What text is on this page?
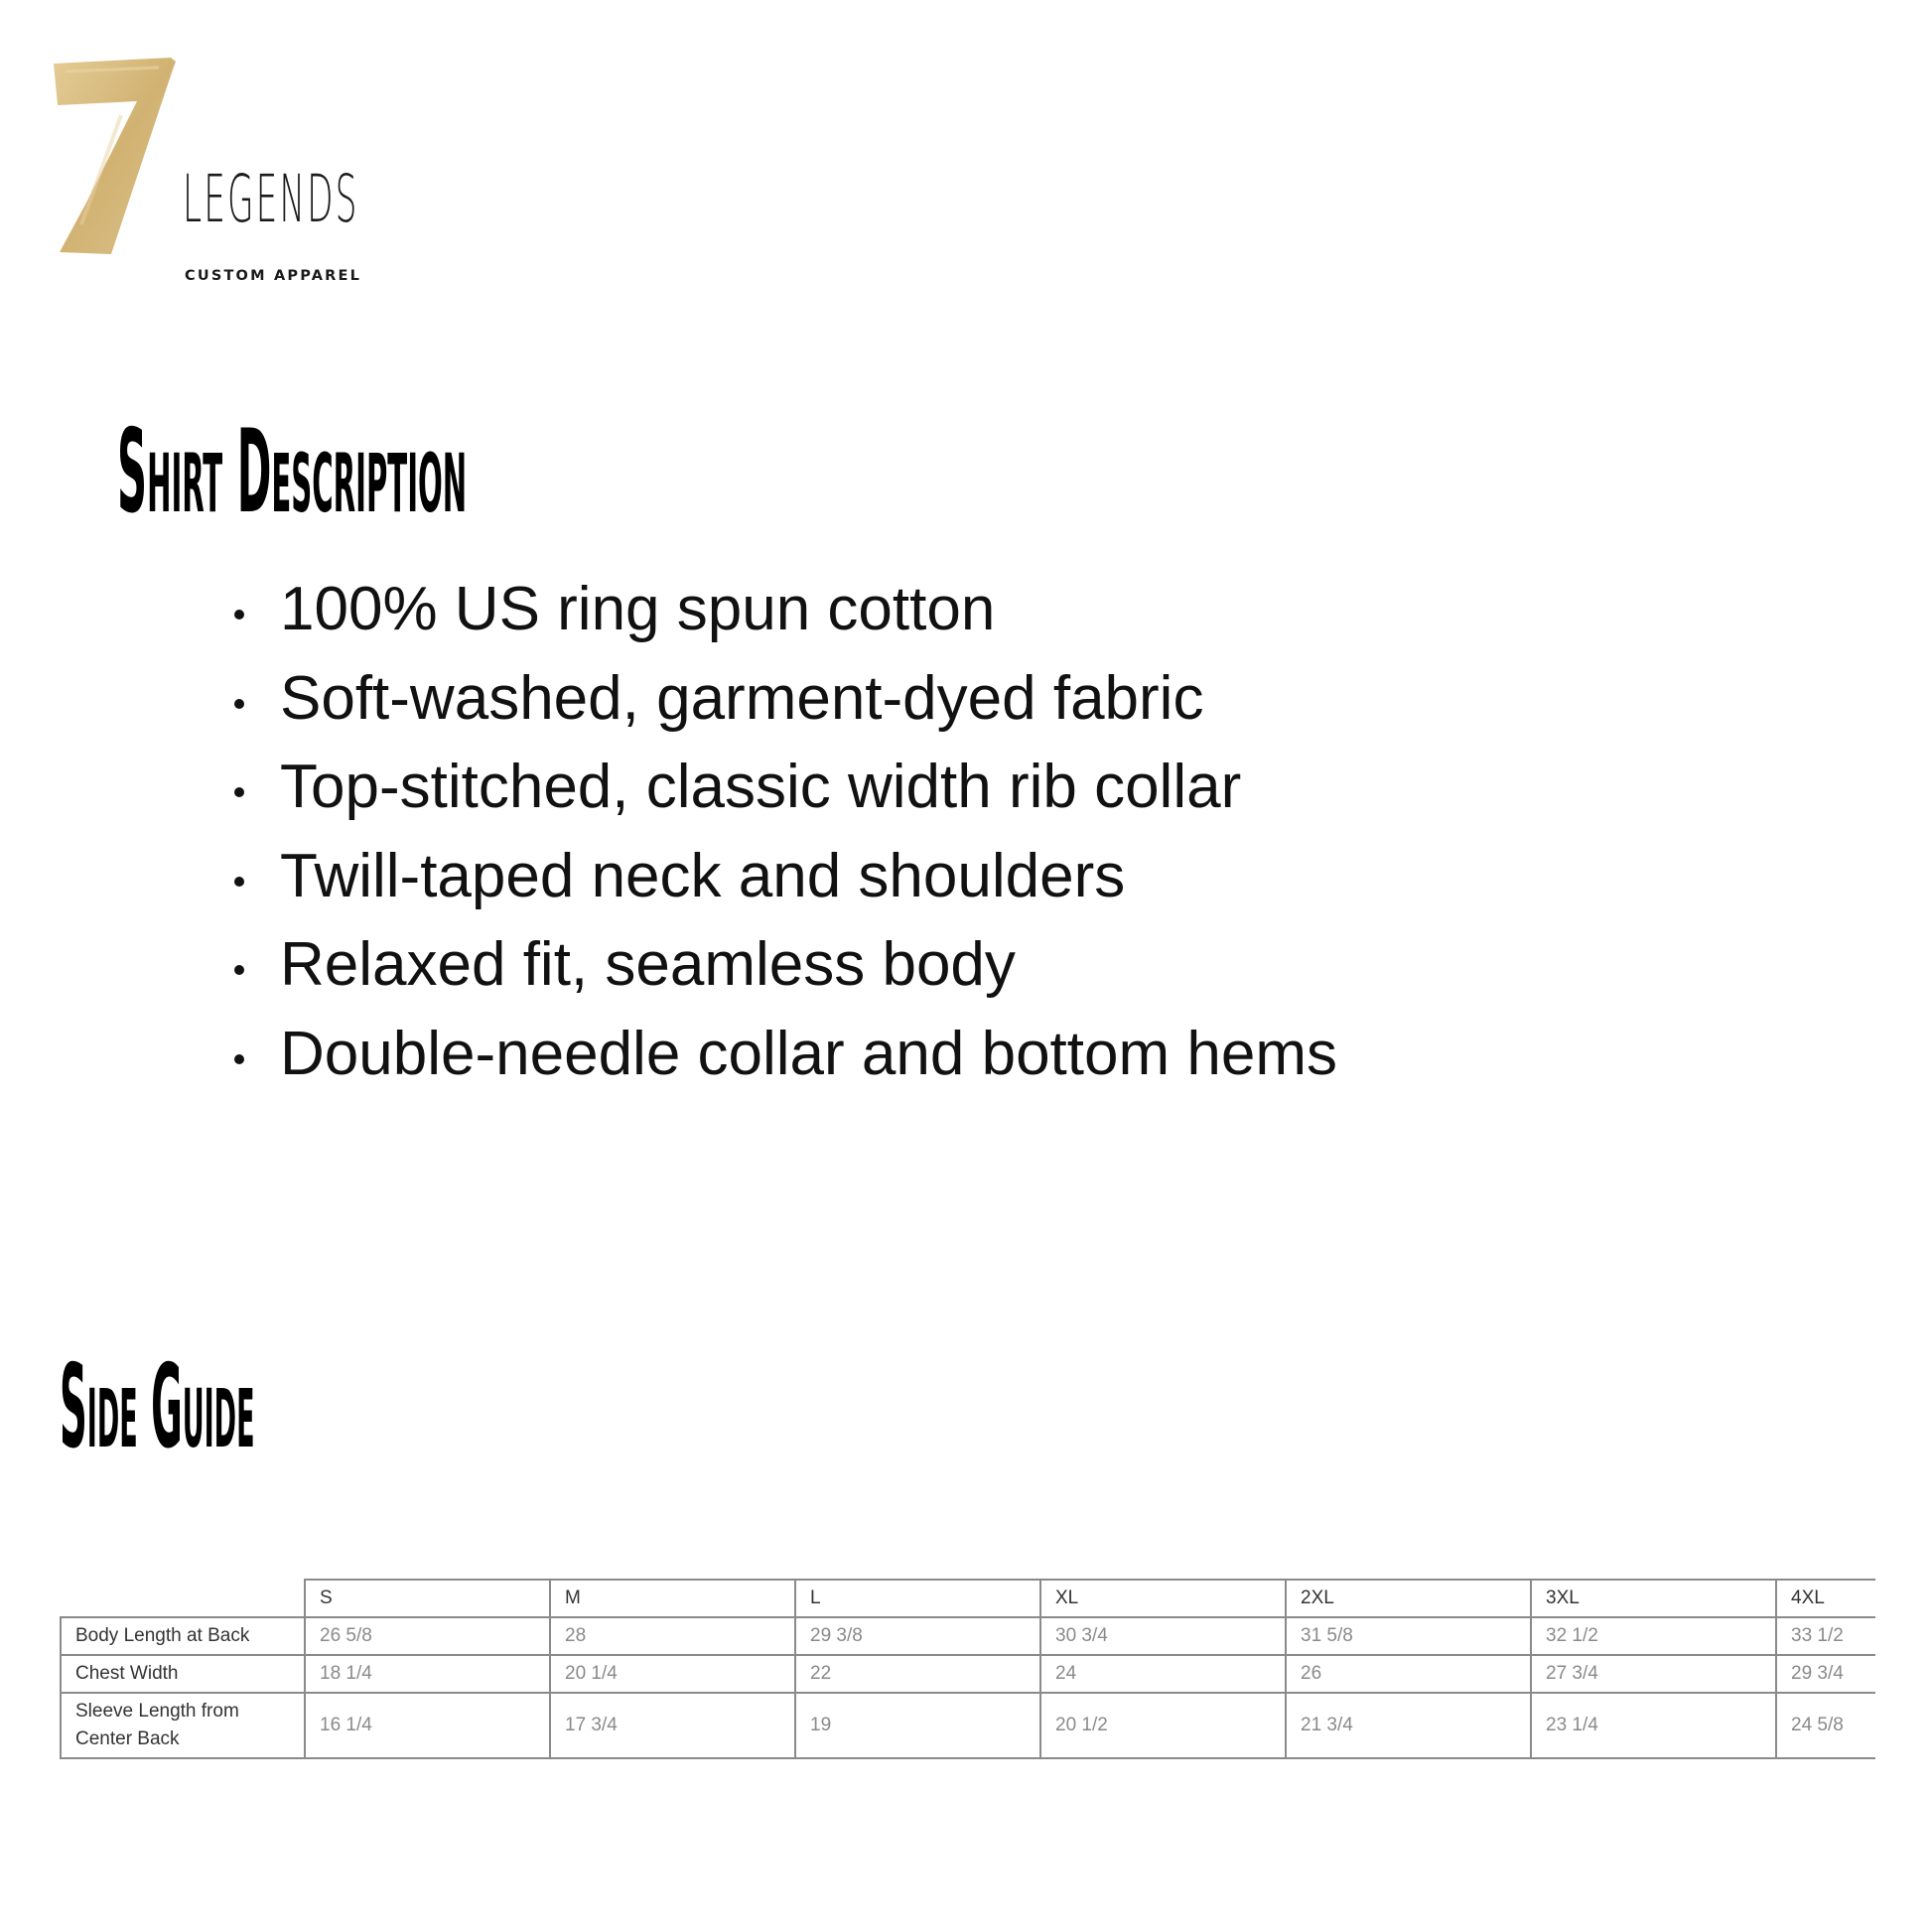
LEGENDS
CUSTOM APPAREL
Shirt Description
100% US ring spun cotton
Soft-washed, garment-dyed fabric
Top-stitched, classic width rib collar
Twill-taped neck and shoulders
Relaxed fit, seamless body
Double-needle collar and bottom hems
Side Guide
	S	M	L	XL	2XL	3XL	4XL
Body Length at Back	26 5/8	28	29 3/8	30 3/4	31 5/8	32 1/2	33 1/2
Chest Width	18 1/4	20 1/4	22	24	26	27 3/4	29 3/4
Sleeve Length from Center Back	16 1/4	17 3/4	19	20 1/2	21 3/4	23 1/4	24 5/8
